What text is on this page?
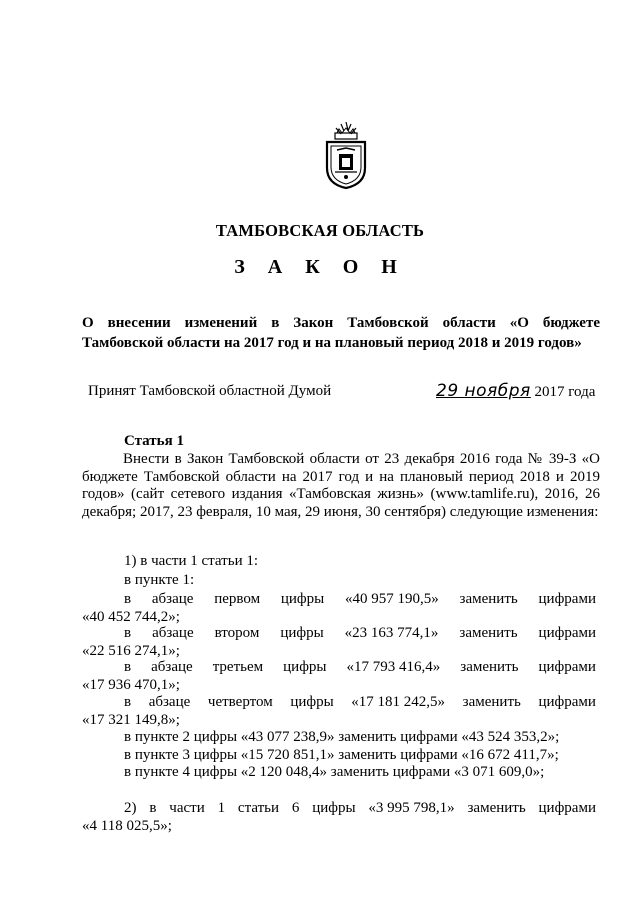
ТАМБОВСКАЯ ОБЛАСТЬ
З А К О Н
О внесении изменений в Закон Тамбовской области «О бюджете Тамбовской области на 2017 год и на плановый период 2018 и 2019 годов»
Принят Тамбовской областной Думой	29 ноября 2017 года
Статья 1
Внести в Закон Тамбовской области от 23 декабря 2016 года № 39-З «О бюджете Тамбовской области на 2017 год и на плановый период 2018 и 2019 годов» (сайт сетевого издания «Тамбовская жизнь» (www.tamlife.ru), 2016, 26 декабря; 2017, 23 февраля, 10 мая, 29 июня, 30 сентября) следующие изменения:
1) в части 1 статьи 1:
в пункте 1:
в абзаце первом цифры «40 957 190,5» заменить цифрами
«40 452 744,2»;
в абзаце втором цифры «23 163 774,1» заменить цифрами
«22 516 274,1»;
в абзаце третьем цифры «17 793 416,4» заменить цифрами
«17 936 470,1»;
в абзаце четвертом цифры «17 181 242,5» заменить цифрами
«17 321 149,8»;
в пункте 2 цифры «43 077 238,9» заменить цифрами «43 524 353,2»;
в пункте 3 цифры «15 720 851,1» заменить цифрами «16 672 411,7»;
в пункте 4 цифры «2 120 048,4» заменить цифрами «3 071 609,0»;
2) в части 1 статьи 6 цифры «3 995 798,1» заменить цифрами
«4 118 025,5»;
